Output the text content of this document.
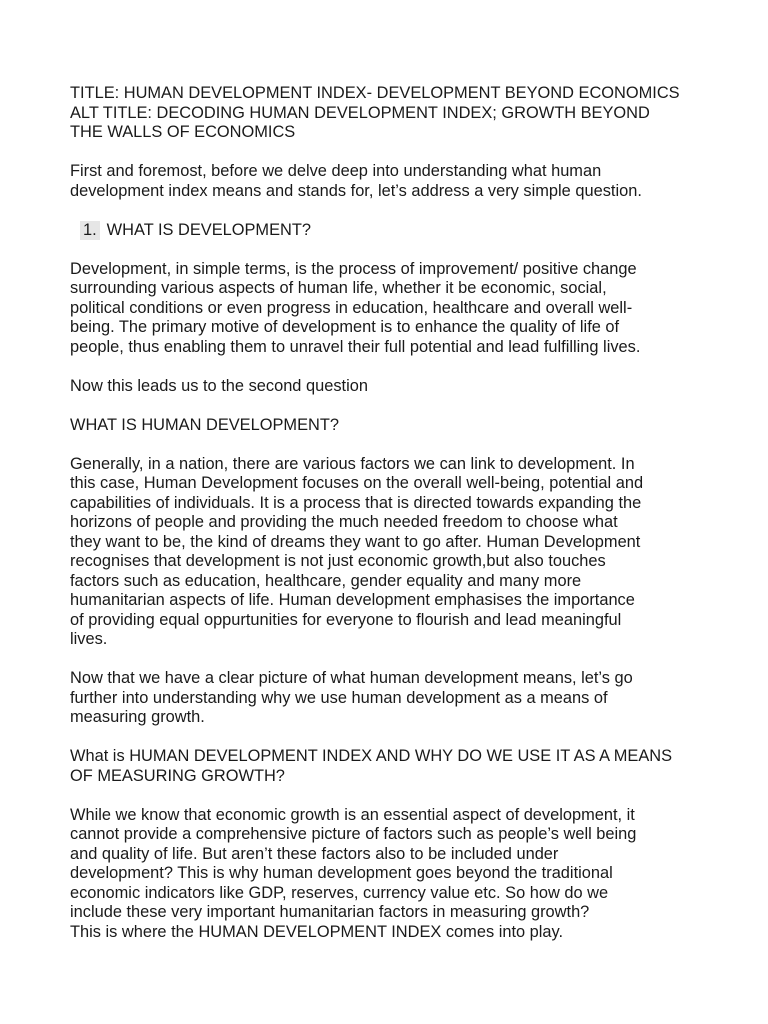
TITLE: HUMAN DEVELOPMENT INDEX- DEVELOPMENT BEYOND ECONOMICS
ALT TITLE: DECODING HUMAN DEVELOPMENT INDEX; GROWTH BEYOND
THE WALLS OF ECONOMICS

First and foremost, before we delve deep into understanding what human
development index means and stands for, let’s address a very simple question.

1. WHAT IS DEVELOPMENT?

Development, in simple terms, is the process of improvement/ positive change
surrounding various aspects of human life, whether it be economic, social,
political conditions or even progress in education, healthcare and overall well-
being. The primary motive of development is to enhance the quality of life of
people, thus enabling them to unravel their full potential and lead fulfilling lives.

Now this leads us to the second question

WHAT IS HUMAN DEVELOPMENT?

Generally, in a nation, there are various factors we can link to development. In
this case, Human Development focuses on the overall well-being, potential and
capabilities of individuals. It is a process that is directed towards expanding the
horizons of people and providing the much needed freedom to choose what
they want to be, the kind of dreams they want to go after. Human Development
recognises that development is not just economic growth,but also touches
factors such as education, healthcare, gender equality and many more
humanitarian aspects of life. Human development emphasises the importance
of providing equal oppurtunities for everyone to flourish and lead meaningful
lives.

Now that we have a clear picture of what human development means, let’s go
further into understanding why we use human development as a means of
measuring growth.

What is HUMAN DEVELOPMENT INDEX AND WHY DO WE USE IT AS A MEANS
OF MEASURING GROWTH?

While we know that economic growth is an essential aspect of development, it
cannot provide a comprehensive picture of factors such as people’s well being
and quality of life. But aren’t these factors also to be included under
development? This is why human development goes beyond the traditional
economic indicators like GDP, reserves, currency value etc. So how do we
include these very important humanitarian factors in measuring growth?
This is where the HUMAN DEVELOPMENT INDEX comes into play.
